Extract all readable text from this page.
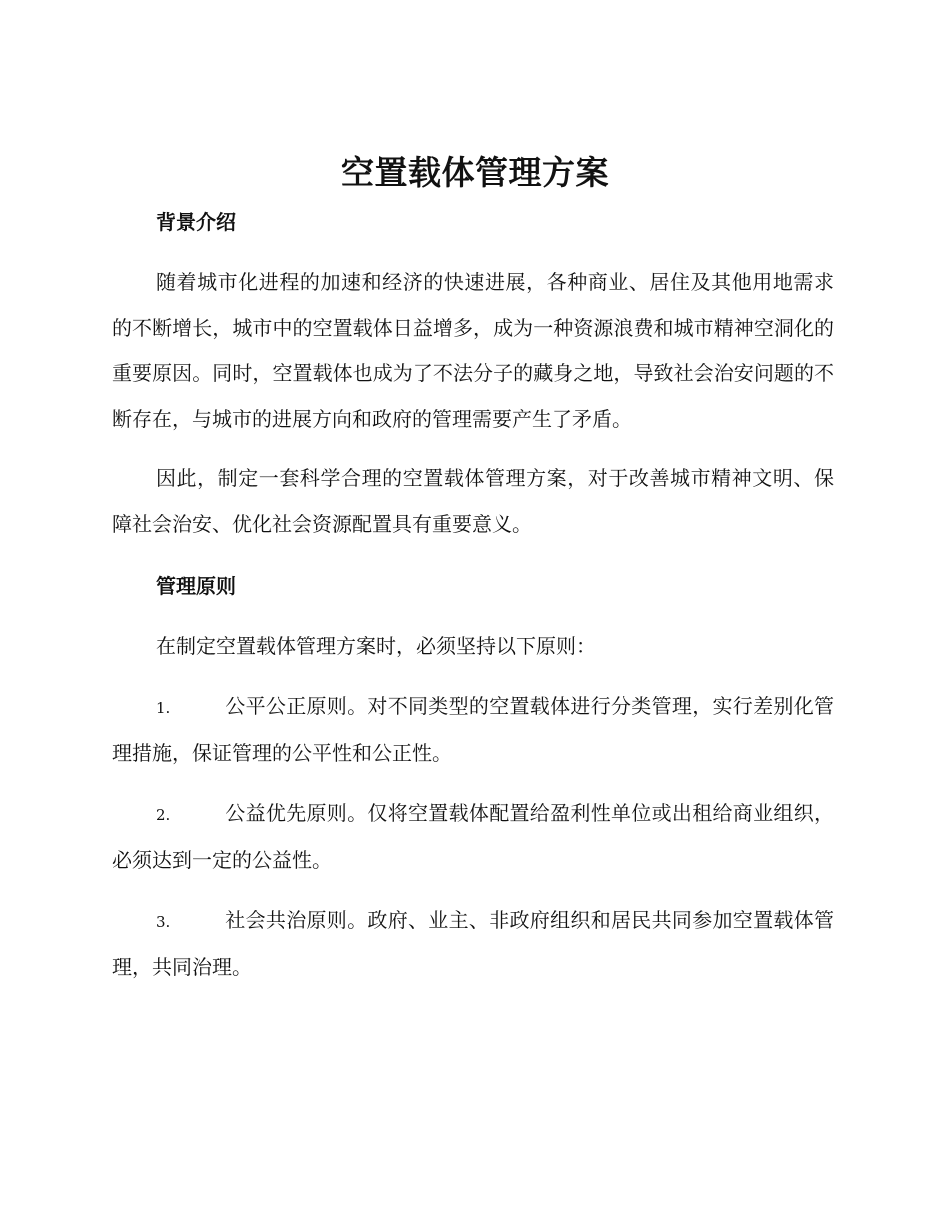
空置载体管理方案
背景介绍

随着城市化进程的加速和经济的快速进展，各种商业、居住及其他用地需求的不断增长，城市中的空置载体日益增多，成为一种资源浪费和城市精神空洞化的重要原因。同时，空置载体也成为了不法分子的藏身之地，导致社会治安问题的不断存在，与城市的进展方向和政府的管理需要产生了矛盾。

因此，制定一套科学合理的空置载体管理方案，对于改善城市精神文明、保障社会治安、优化社会资源配置具有重要意义。

管理原则

在制定空置载体管理方案时，必须坚持以下原则：

1.	公平公正原则。对不同类型的空置载体进行分类管理，实行差别化管理措施，保证管理的公平性和公正性。

2.	公益优先原则。仅将空置载体配置给盈利性单位或出租给商业组织，必须达到一定的公益性。

3.	社会共治原则。政府、业主、非政府组织和居民共同参加空置载体管理，共同治理。
